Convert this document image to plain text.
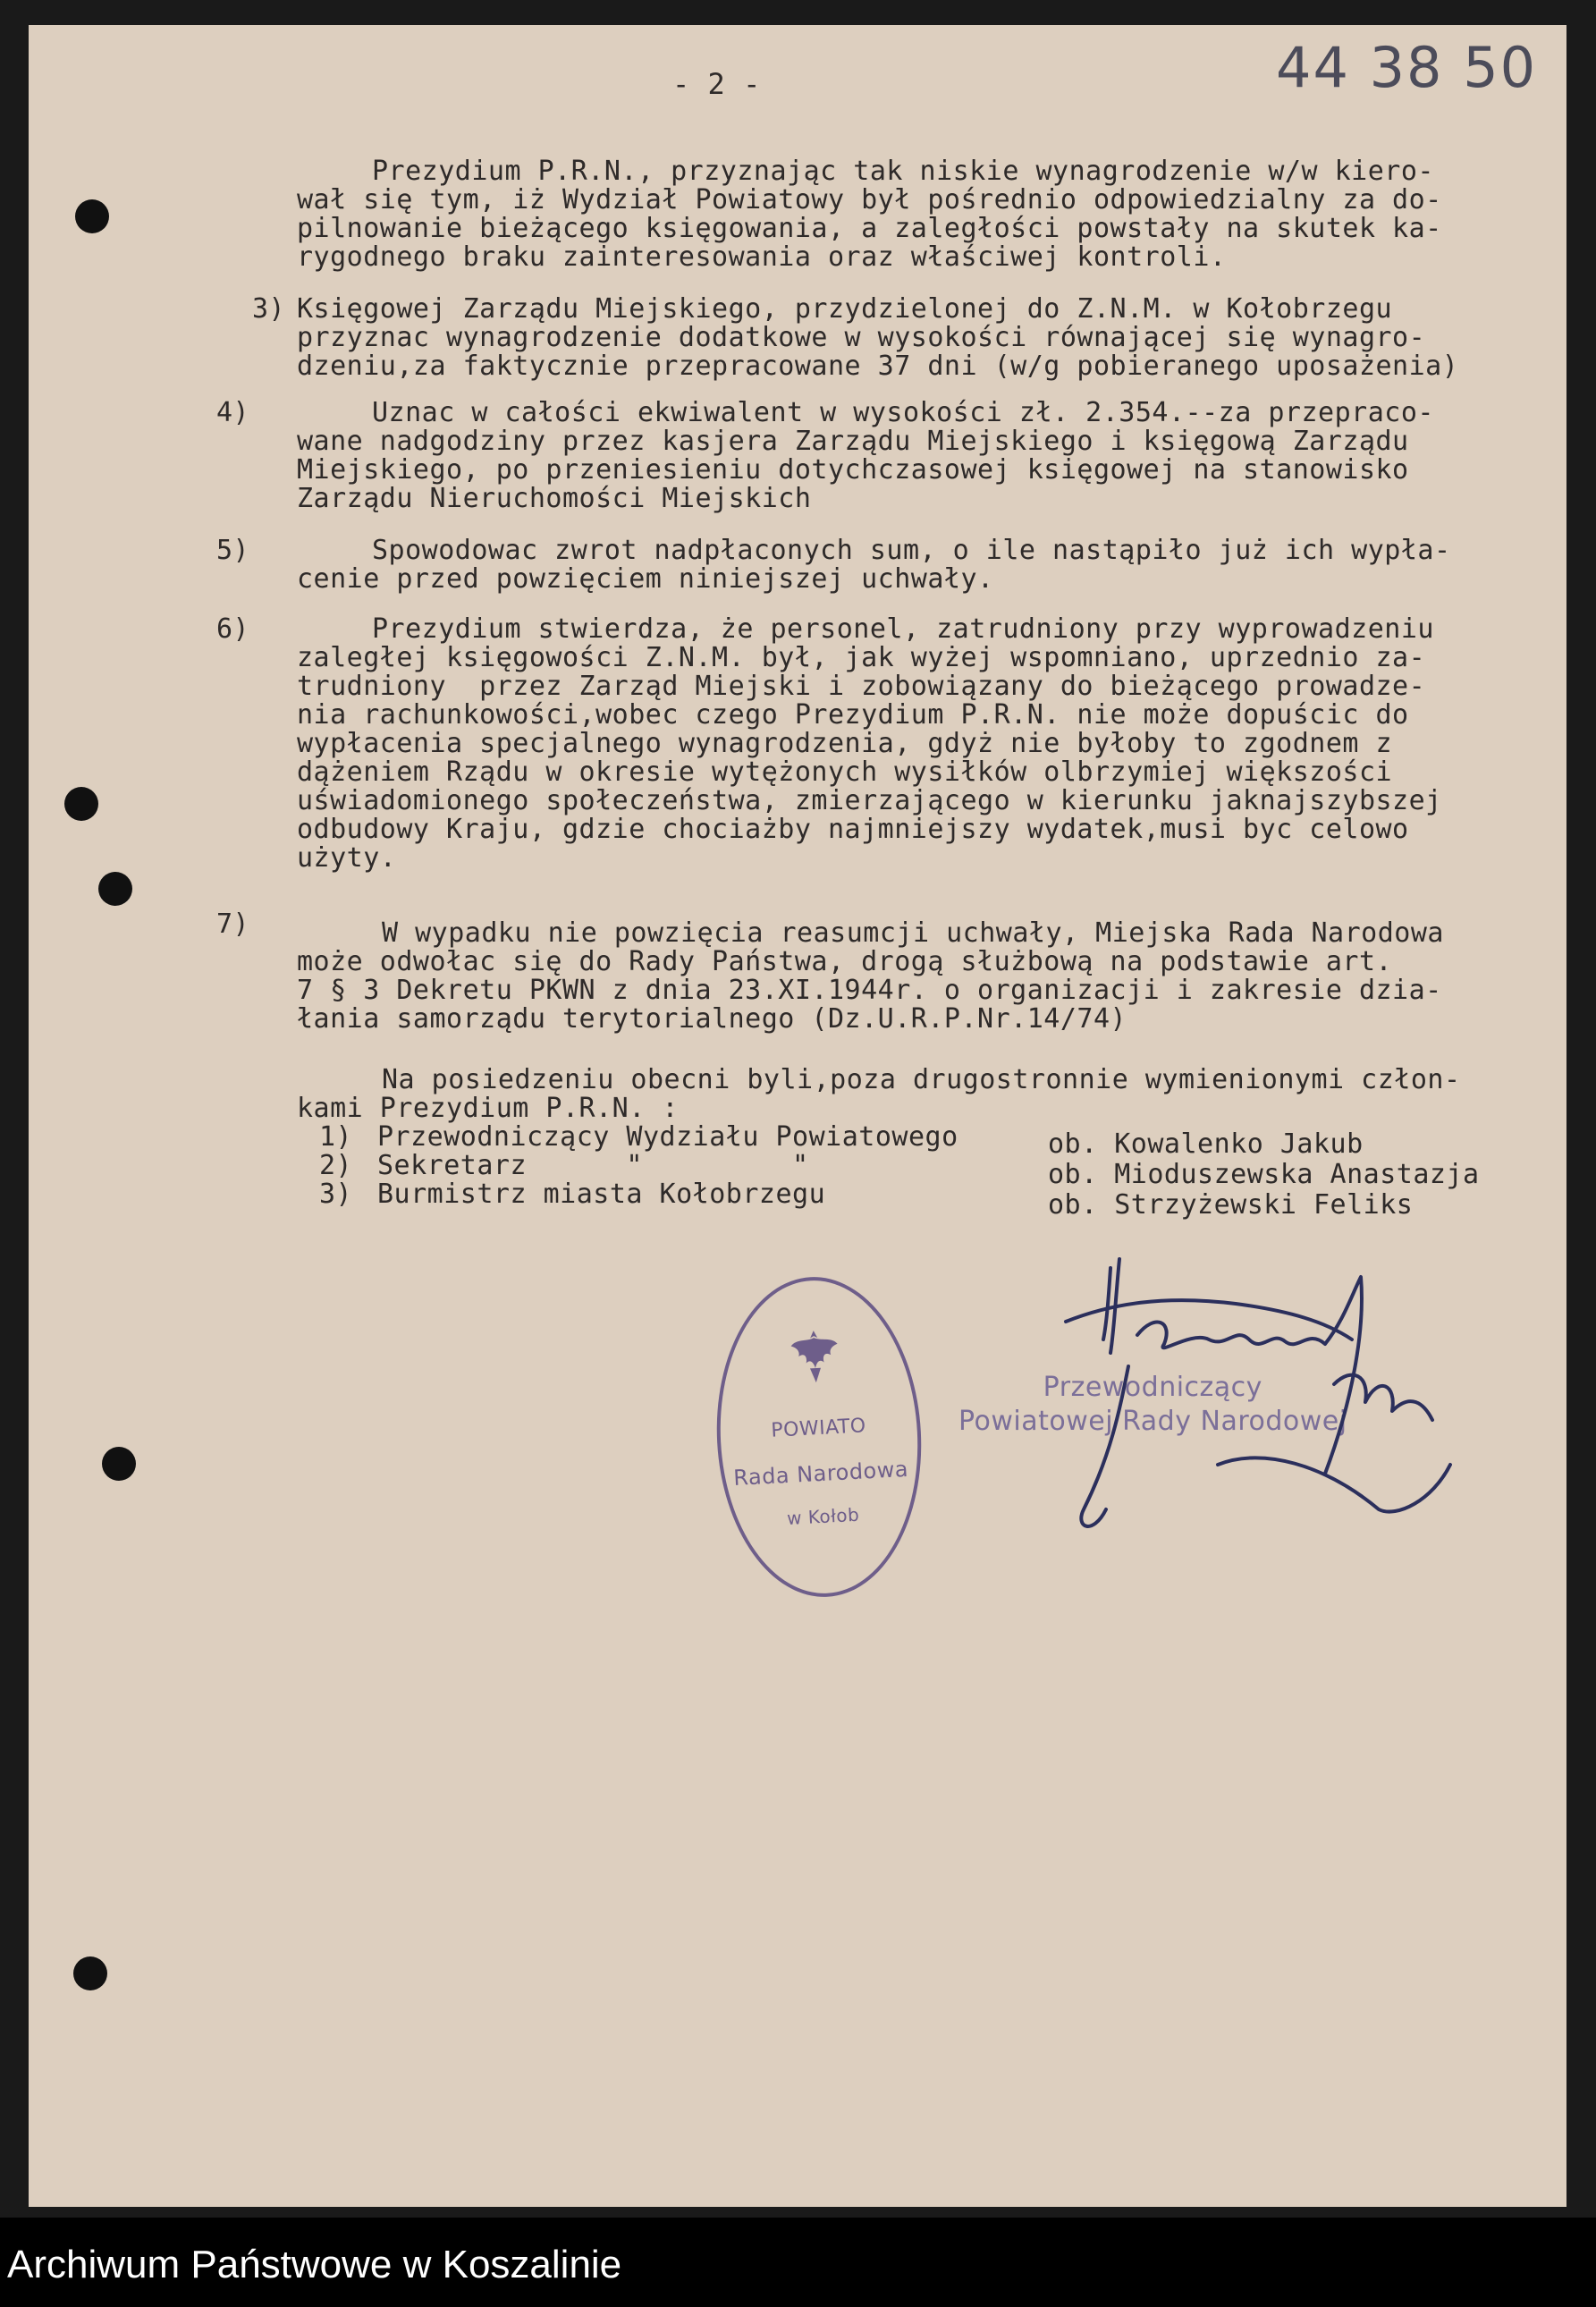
- 2 -	44 38 50
Prezydium P.R.N., przyznając tak niskie wynagrodzenie w/w kiero-
wał się tym, iż Wydział Powiatowy był pośrednio odpowiedzialny za do-
pilnowanie bieżącego księgowania, a zaległości powstały na skutek ka-
rygodnego braku zainteresowania oraz właściwej kontroli.
3) Księgowej Zarządu Miejskiego, przydzielonej do Z.N.M. w Kołobrzegu
przyznac wynagrodzenie dodatkowe w wysokości równającej się wynagro-
dzeniu,za faktycznie przepracowane 37 dni (w/g pobieranego uposażenia)
4)	Uznac w całości ekwiwalent w wysokości zł. 2.354.--za przepraco-
wane nadgodziny przez kasjera Zarządu Miejskiego i księgową Zarządu
Miejskiego, po przeniesieniu dotychczasowej księgowej na stanowisko
Zarządu Nieruchomości Miejskich
5)	Spowodowac zwrot nadpłaconych sum, o ile nastąpiło już ich wypła-
cenie przed powzięciem niniejszej uchwały.
6)	Prezydium stwierdza, że personel, zatrudniony przy wyprowadzeniu
zaległej księgowości Z.N.M. był, jak wyżej wspomniano, uprzednio za-
trudniony  przez Zarząd Miejski i zobowiązany do bieżącego prowadze-
nia rachunkowości,wobec czego Prezydium P.R.N. nie może dopuścic do
wypłacenia specjalnego wynagrodzenia, gdyż nie byłoby to zgodnem z
dążeniem Rządu w okresie wytężonych wysiłków olbrzymiej większości
uświadomionego społeczeństwa, zmierzającego w kierunku jaknajszybszej
odbudowy Kraju, gdzie chociażby najmniejszy wydatek,musi byc celowo
użyty.
7)	W wypadku nie powzięcia reasumcji uchwały, Miejska Rada Narodowa
może odwołac się do Rady Państwa, drogą służbową na podstawie art.
7 § 3 Dekretu PKWN z dnia 23.XI.1944r. o organizacji i zakresie dzia-
łania samorządu terytorialnego (Dz.U.R.P.Nr.14/74)
Na posiedzeniu obecni byli,poza drugostronnie wymienionymi człon-
kami Prezydium P.R.N. :
1) Przewodniczący Wydziału Powiatowego	ob. Kowalenko Jakub
2) Sekretarz      "         "	ob. Mioduszewska Anastazja
3) Burmistrz miasta Kołobrzegu	ob. Strzyżewski Feliks
POWIATO
Rada Narodowa
w Kołob
Przewodniczący
Powiatowej Rady Narodowej
Archiwum Państwowe w Koszalinie
